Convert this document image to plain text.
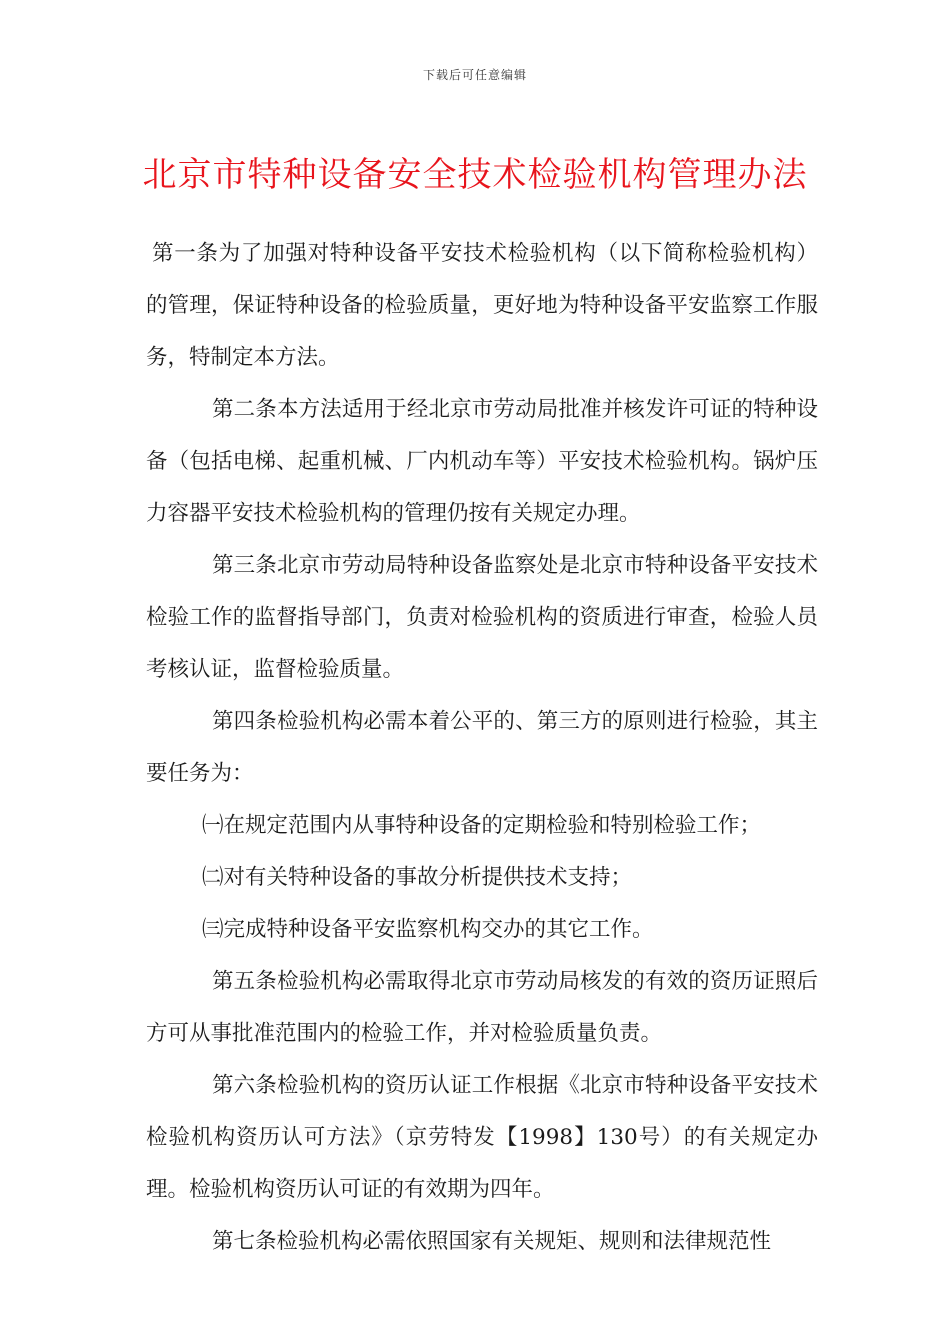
下载后可任意编辑
北京市特种设备安全技术检验机构管理办法

第一条为了加强对特种设备平安技术检验机构（以下简称检验机构）的管理，保证特种设备的检验质量，更好地为特种设备平安监察工作服务，特制定本方法。

第二条本方法适用于经北京市劳动局批准并核发许可证的特种设备（包括电梯、起重机械、厂内机动车等）平安技术检验机构。锅炉压力容器平安技术检验机构的管理仍按有关规定办理。

第三条北京市劳动局特种设备监察处是北京市特种设备平安技术检验工作的监督指导部门，负责对检验机构的资质进行审查，检验人员考核认证，监督检验质量。

第四条检验机构必需本着公平的、第三方的原则进行检验，其主要任务为：

㈠在规定范围内从事特种设备的定期检验和特别检验工作；

㈡对有关特种设备的事故分析提供技术支持；

㈢完成特种设备平安监察机构交办的其它工作。

第五条检验机构必需取得北京市劳动局核发的有效的资历证照后方可从事批准范围内的检验工作，并对检验质量负责。

第六条检验机构的资历认证工作根据《北京市特种设备平安技术检验机构资历认可方法》（京劳特发【1998】130号）的有关规定办理。检验机构资历认可证的有效期为四年。

第七条检验机构必需依照国家有关规矩、规则和法律规范性
